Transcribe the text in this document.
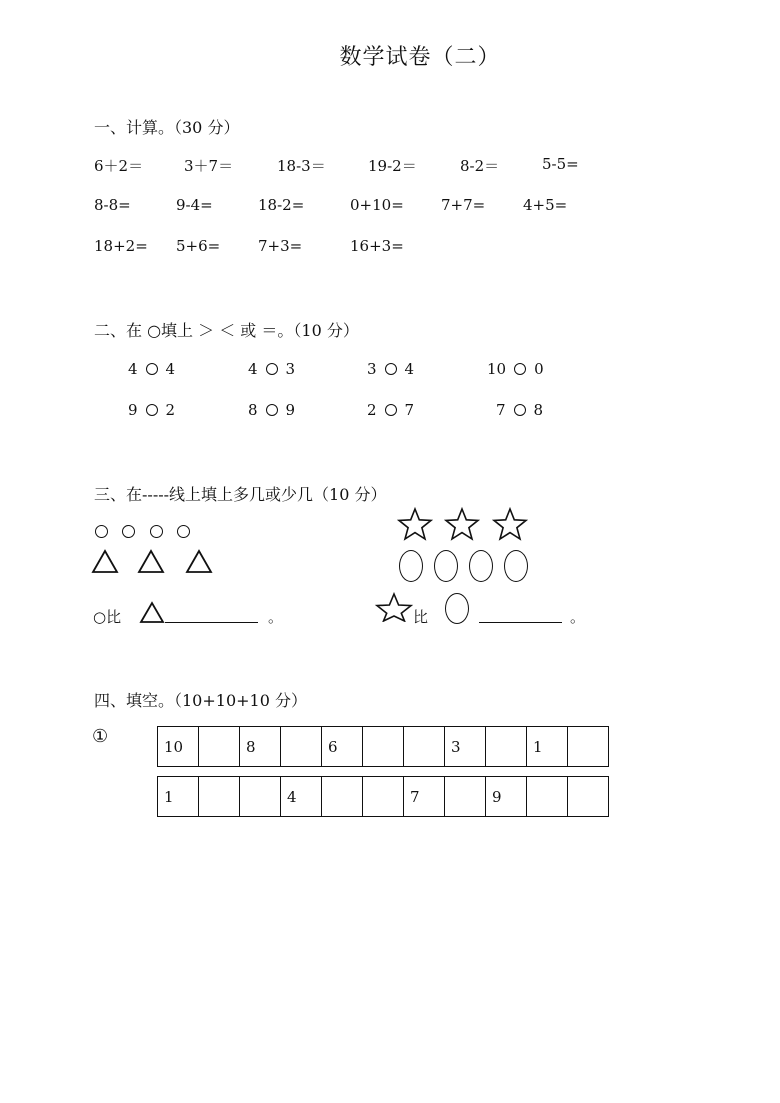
数学试卷（二）
一、计算。（30 分）
6＋2＝	3＋7＝	18-3＝	19-2＝	8-2＝	5-5=
8-8=	9-4=	18-2=	0+10= 7+7=	4+5=
18+2= 5+6=	7+3=	16+3=
二、在 ○填上 ＞ ＜ 或 ＝。（10 分）
4 4	4 3	3 4	10 0
9 2	8 9	2 7	7 8
三、在-----线上填上多几或少几（10 分）
○比	。	比	。
四、填空。（10+10+10 分）
①	10		8		6			3		1	
1			4			7		9		
